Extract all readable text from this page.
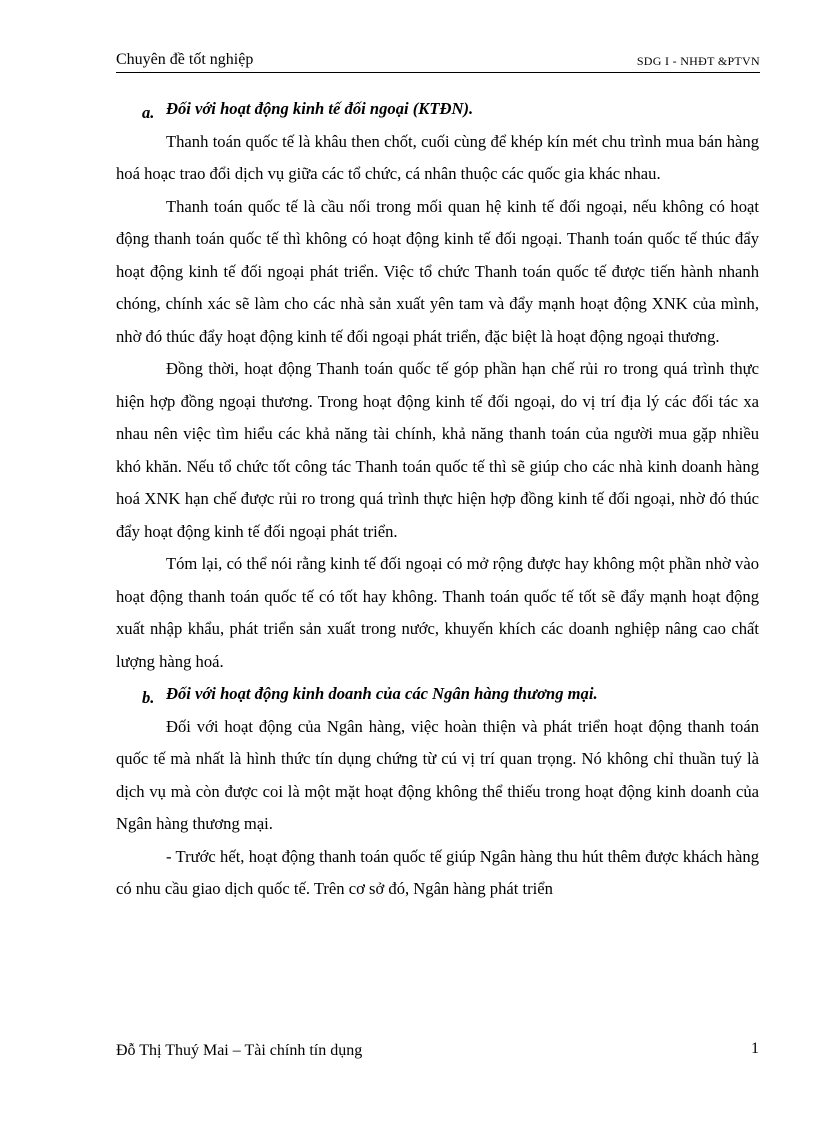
Chuyên đề tốt nghiệp	SDG I - NHĐT &PTVN

a. Đối với hoạt động kinh tế đối ngoại (KTĐN).

Thanh toán quốc tế là khâu then chốt, cuối cùng để khép kín mét chu trình mua bán hàng hoá hoạc trao đổi dịch vụ giữa các tổ chức, cá nhân thuộc các quốc gia khác nhau.

Thanh toán quốc tế là cầu nối trong mối quan hệ kinh tế đối ngoại, nếu không có hoạt động thanh toán quốc tế thì không có hoạt động kinh tế đối ngoại. Thanh toán quốc tế thúc đẩy hoạt động kinh tế đối ngoại phát triển. Việc tổ chức Thanh toán quốc tế được tiến hành nhanh chóng, chính xác sẽ làm cho các nhà sản xuất yên tam và đẩy mạnh hoạt động XNK của mình, nhờ đó thúc đẩy hoạt động kinh tế đối ngoại phát triển, đặc biệt là hoạt động ngoại thương.

Đồng thời, hoạt động Thanh toán quốc tế góp phần hạn chế rủi ro trong quá trình thực hiện hợp đồng ngoại thương. Trong hoạt động kinh tế đối ngoại, do vị trí địa lý các đối tác xa nhau nên việc tìm hiểu các khả năng tài chính, khả năng thanh toán của người mua gặp nhiều khó khăn. Nếu tổ chức tốt công tác Thanh toán quốc tế thì sẽ giúp cho các nhà kinh doanh hàng hoá XNK hạn chế được rủi ro trong quá trình thực hiện hợp đồng kinh tế đối ngoại, nhờ đó thúc đẩy hoạt động kinh tế đối ngoại phát triển.

Tóm lại, có thể nói rằng kinh tế đối ngoại có mở rộng được hay không một phần nhờ vào hoạt động thanh toán quốc tế có tốt hay không. Thanh toán quốc tế tốt sẽ đẩy mạnh hoạt động xuất nhập khẩu, phát triển sản xuất trong nước, khuyến khích các doanh nghiệp nâng cao chất lượng hàng hoá.

b. Đối với hoạt động kinh doanh của các Ngân hàng thương mại.

Đối với hoạt động của Ngân hàng, việc hoàn thiện và phát triển hoạt động thanh toán quốc tế mà nhất là hình thức tín dụng chứng từ cú vị trí quan trọng. Nó không chỉ thuần tuý là dịch vụ mà còn được coi là một mặt hoạt động không thể thiếu trong hoạt động kinh doanh của Ngân hàng thương mại.

- Trước hết, hoạt động thanh toán quốc tế giúp Ngân hàng thu hút thêm được khách hàng có nhu cầu giao dịch quốc tế. Trên cơ sở đó, Ngân hàng phát triển

Đỗ Thị Thuý Mai – Tài chính tín dụng	1
